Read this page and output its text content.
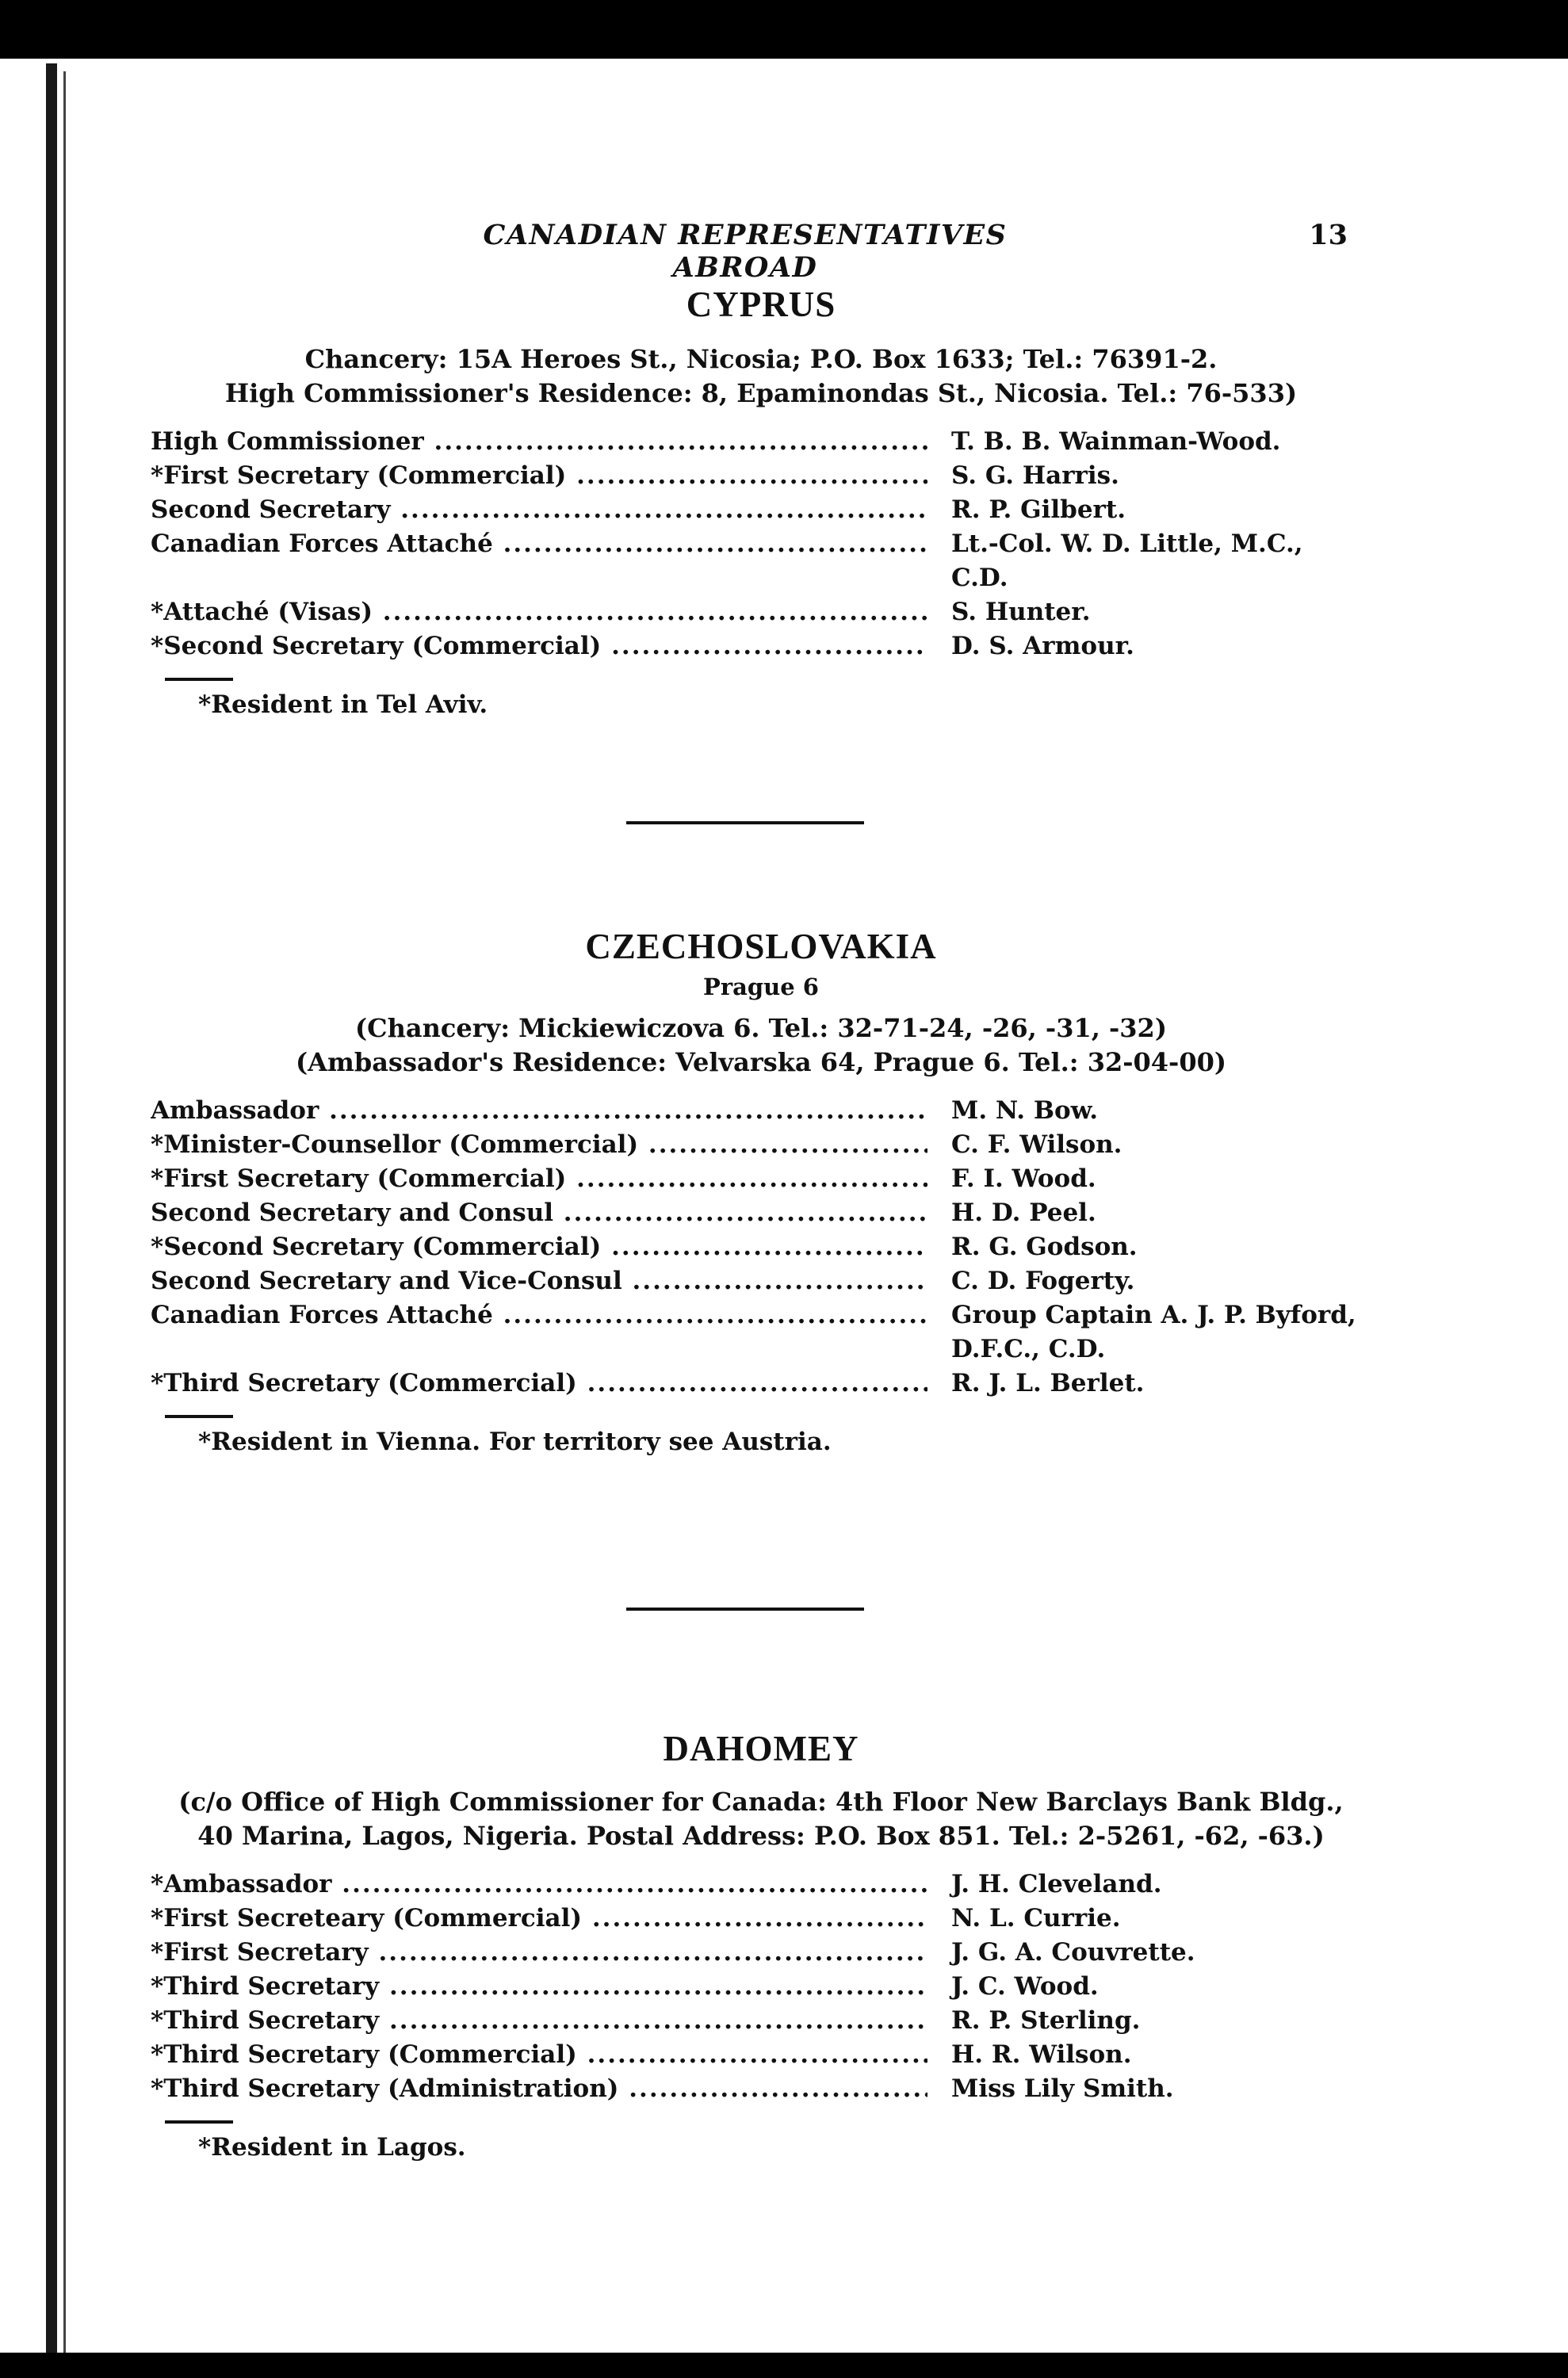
CANADIAN REPRESENTATIVES ABROAD
13
CYPRUS
Chancery: 15A Heroes St., Nicosia; P.O. Box 1633; Tel.: 76391-2.
High Commissioner's Residence: 8, Epaminondas St., Nicosia. Tel.: 76-533)
High Commissioner .....	T. B. B. Wainman-Wood.
*First Secretary (Commercial) .....	S. G. Harris.
Second Secretary .....	R. P. Gilbert.
Canadian Forces Attaché .....	Lt.-Col. W. D. Little, M.C.,
C.D.
*Attaché (Visas) .....	S. Hunter.
*Second Secretary (Commercial) .....	D. S. Armour.
*Resident in Tel Aviv.
CZECHOSLOVAKIA
Prague 6
(Chancery: Mickiewiczova 6. Tel.: 32-71-24, -26, -31, -32)
(Ambassador's Residence: Velvarska 64, Prague 6. Tel.: 32-04-00)
Ambassador .....	M. N. Bow.
*Minister-Counsellor (Commercial) .....	C. F. Wilson.
*First Secretary (Commercial) .....	F. I. Wood.
Second Secretary and Consul .....	H. D. Peel.
*Second Secretary (Commercial) .....	R. G. Godson.
Second Secretary and Vice-Consul .....	C. D. Fogerty.
Canadian Forces Attaché .....	Group Captain A. J. P. Byford,
D.F.C., C.D.
*Third Secretary (Commercial) .....	R. J. L. Berlet.
*Resident in Vienna. For territory see Austria.
DAHOMEY
(c/o Office of High Commissioner for Canada: 4th Floor New Barclays Bank Bldg.,
40 Marina, Lagos, Nigeria. Postal Address: P.O. Box 851. Tel.: 2-5261, -62, -63.)
*Ambassador .....	J. H. Cleveland.
*First Secreteary (Commercial) .....	N. L. Currie.
*First Secretary .....	J. G. A. Couvrette.
*Third Secretary .....	J. C. Wood.
*Third Secretary .....	R. P. Sterling.
*Third Secretary (Commercial) .....	H. R. Wilson.
*Third Secretary (Administration) .....	Miss Lily Smith.
*Resident in Lagos.
